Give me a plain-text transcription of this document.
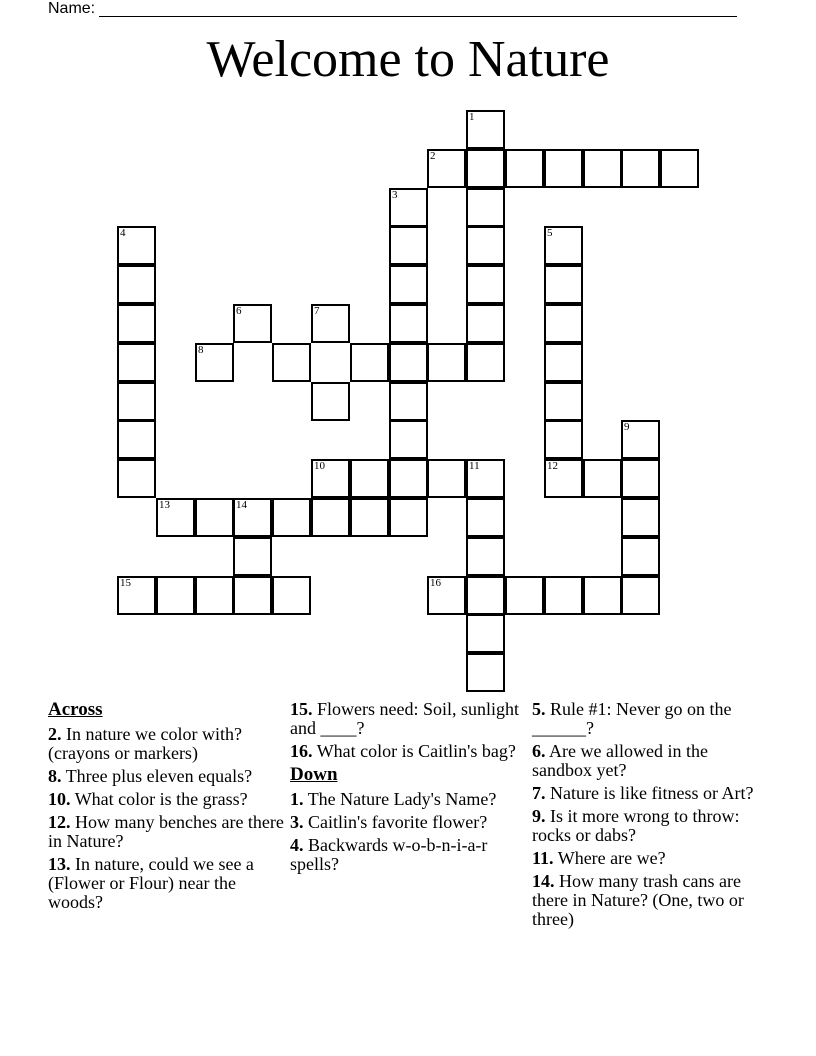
Name:
Welcome to Nature
1
2
3
4	5
6	7
8
9
10	11	12
13	14
15	16
Across
2. In nature we color with? (crayons or markers)
8. Three plus eleven equals?
10. What color is the grass?
12. How many benches are there in Nature?
13. In nature, could we see a (Flower or Flour) near the woods?
15. Flowers need: Soil, sunlight and ____?
16. What color is Caitlin's bag?
Down
1. The Nature Lady's Name?
3. Caitlin's favorite flower?
4. Backwards w-o-b-n-i-a-r spells?
5. Rule #1: Never go on the ______?
6. Are we allowed in the sandbox yet?
7. Nature is like fitness or Art?
9. Is it more wrong to throw: rocks or dabs?
11. Where are we?
14. How many trash cans are there in Nature? (One, two or three)
